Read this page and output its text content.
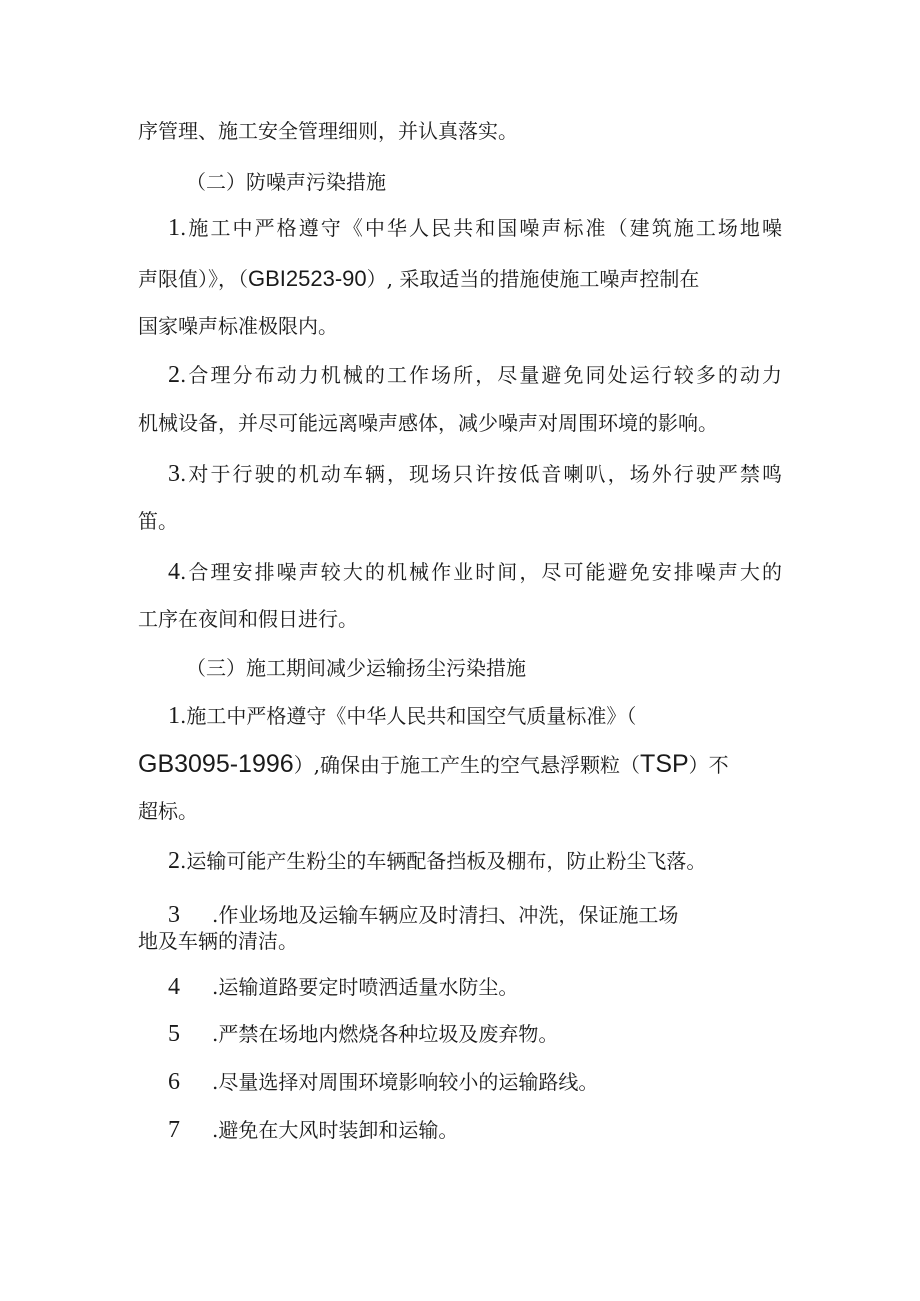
序管理、施工安全管理细则，并认真落实。
（二）防噪声污染措施
1.施工中严格遵守《中华人民共和国噪声标准（建筑施工场地噪
声限值）》，（GBI2523-90）, 采取适当的措施使施工噪声控制在
国家噪声标准极限内。
2.合理分布动力机械的工作场所，尽量避免同处运行较多的动力
机械设备，并尽可能远离噪声感体，减少噪声对周围环境的影响。
3.对于行驶的机动车辆，现场只许按低音喇叭，场外行驶严禁鸣
笛。
4.合理安排噪声较大的机械作业时间，尽可能避免安排噪声大的
工序在夜间和假日进行。
（三）施工期间减少运输扬尘污染措施
1.施工中严格遵守《中华人民共和国空气质量标准》（
GB3095-1996）,确保由于施工产生的空气悬浮颗粒（TSP）不
超标。
2.运输可能产生粉尘的车辆配备挡板及棚布，防止粉尘飞落。
3 .作业场地及运输车辆应及时清扫、冲洗，保证施工场
地及车辆的清洁。
4 .运输道路要定时喷洒适量水防尘。
5 .严禁在场地内燃烧各种垃圾及废弃物。
6 .尽量选择对周围环境影响较小的运输路线。
7 .避免在大风时装卸和运输。
